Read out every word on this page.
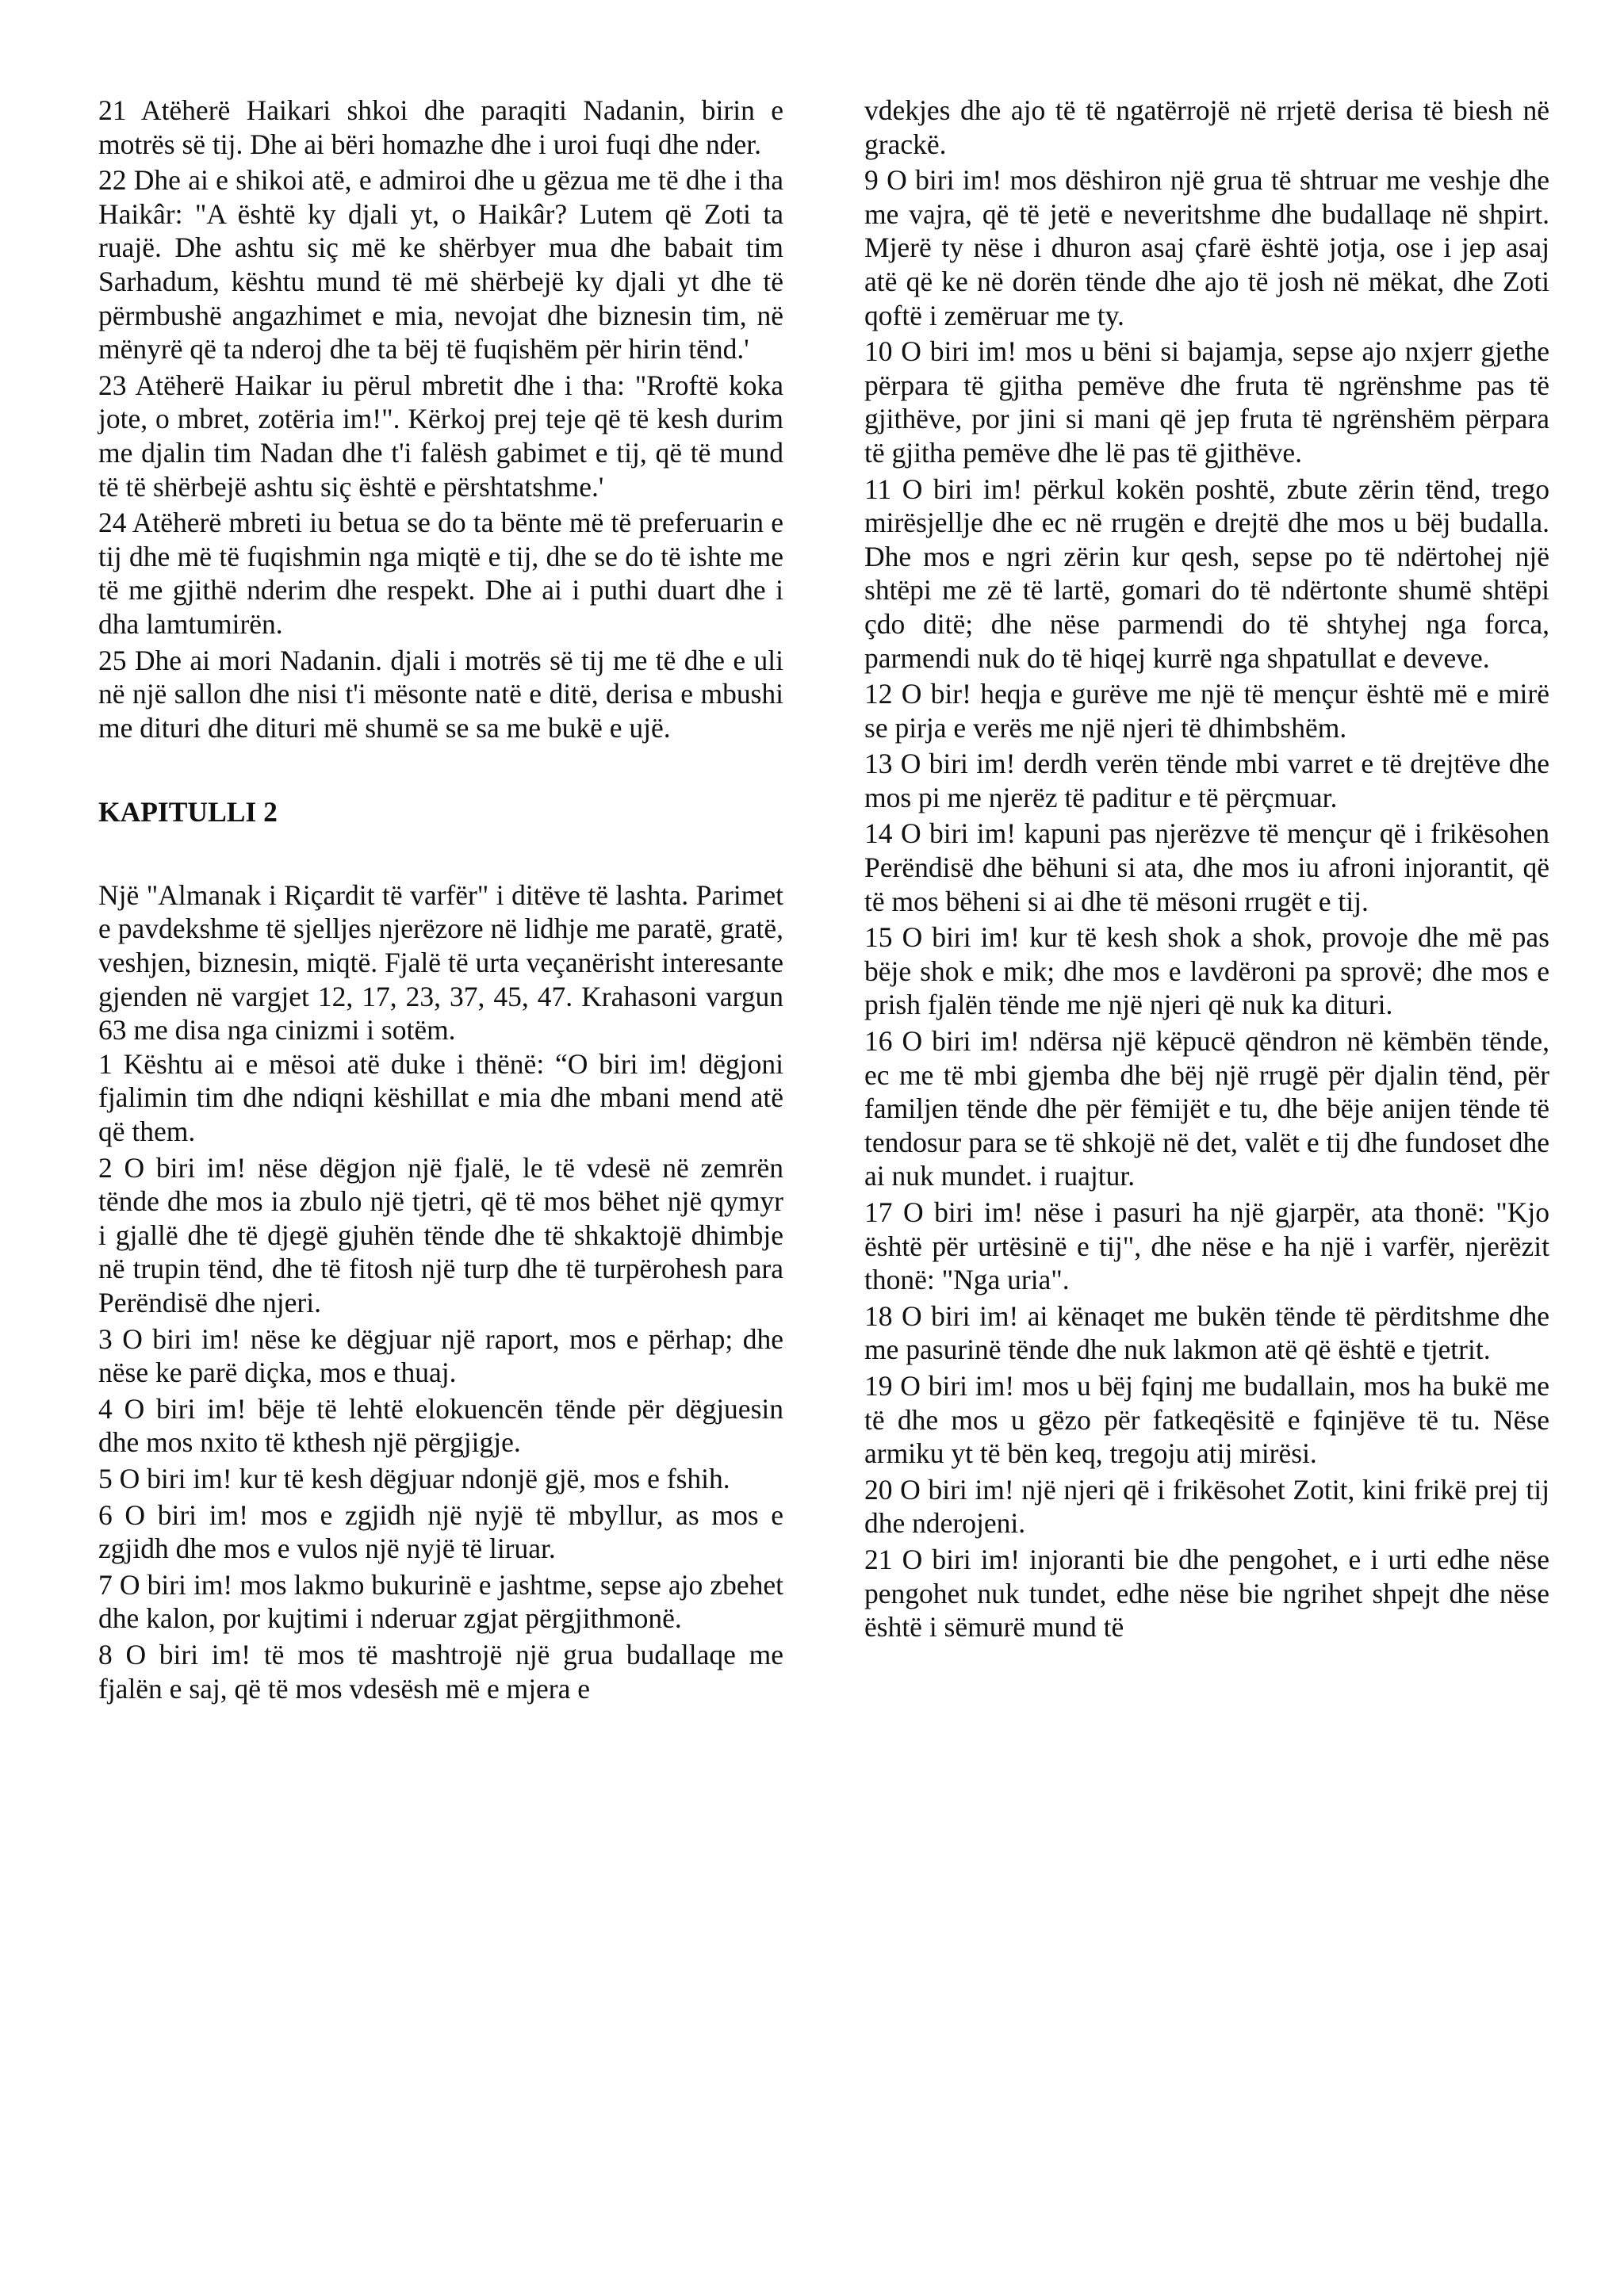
21 Atëherë Haikari shkoi dhe paraqiti Nadanin, birin e motrës së tij. Dhe ai bëri homazhe dhe i uroi fuqi dhe nder.

22 Dhe ai e shikoi atë, e admiroi dhe u gëzua me të dhe i tha Haikâr: "A është ky djali yt, o Haikâr? Lutem që Zoti ta ruajë. Dhe ashtu siç më ke shërbyer mua dhe babait tim Sarhadum, kështu mund të më shërbejë ky djali yt dhe të përmbushë angazhimet e mia, nevojat dhe biznesin tim, në mënyrë që ta nderoj dhe ta bëj të fuqishëm për hirin tënd.'

23 Atëherë Haikar iu përul mbretit dhe i tha: "Rroftë koka jote, o mbret, zotëria im!". Kërkoj prej teje që të kesh durim me djalin tim Nadan dhe t'i falësh gabimet e tij, që të mund të të shërbejë ashtu siç është e përshtatshme.'

24 Atëherë mbreti iu betua se do ta bënte më të preferuarin e tij dhe më të fuqishmin nga miqtë e tij, dhe se do të ishte me të me gjithë nderim dhe respekt. Dhe ai i puthi duart dhe i dha lamtumirën.

25 Dhe ai mori Nadanin. djali i motrës së tij me të dhe e uli në një sallon dhe nisi t'i mësonte natë e ditë, derisa e mbushi me dituri dhe dituri më shumë se sa me bukë e ujë.

KAPITULLI 2

Një "Almanak i Riçardit të varfër" i ditëve të lashta. Parimet e pavdekshme të sjelljes njerëzore në lidhje me paratë, gratë, veshjen, biznesin, miqtë. Fjalë të urta veçanërisht interesante gjenden në vargjet 12, 17, 23, 37, 45, 47. Krahasoni vargun 63 me disa nga cinizmi i sotëm.

1 Kështu ai e mësoi atë duke i thënë: “O biri im! dëgjoni fjalimin tim dhe ndiqni këshillat e mia dhe mbani mend atë që them.

2 O biri im! nëse dëgjon një fjalë, le të vdesë në zemrën tënde dhe mos ia zbulo një tjetri, që të mos bëhet një qymyr i gjallë dhe të djegë gjuhën tënde dhe të shkaktojë dhimbje në trupin tënd, dhe të fitosh një turp dhe të turpërohesh para Perëndisë dhe njeri.

3 O biri im! nëse ke dëgjuar një raport, mos e përhap; dhe nëse ke parë diçka, mos e thuaj.

4 O biri im! bëje të lehtë elokuencën tënde për dëgjuesin dhe mos nxito të kthesh një përgjigje.

5 O biri im! kur të kesh dëgjuar ndonjë gjë, mos e fshih.

6 O biri im! mos e zgjidh një nyjë të mbyllur, as mos e zgjidh dhe mos e vulos një nyjë të liruar.

7 O biri im! mos lakmo bukurinë e jashtme, sepse ajo zbehet dhe kalon, por kujtimi i nderuar zgjat përgjithmonë.

8 O biri im! të mos të mashtrojë një grua budallaqe me fjalën e saj, që të mos vdesësh më e mjera e

vdekjes dhe ajo të të ngatërrojë në rrjetë derisa të biesh në grackë.

9 O biri im! mos dëshiron një grua të shtruar me veshje dhe me vajra, që të jetë e neveritshme dhe budallaqe në shpirt. Mjerë ty nëse i dhuron asaj çfarë është jotja, ose i jep asaj atë që ke në dorën tënde dhe ajo të josh në mëkat, dhe Zoti qoftë i zemëruar me ty.

10 O biri im! mos u bëni si bajamja, sepse ajo nxjerr gjethe përpara të gjitha pemëve dhe fruta të ngrënshme pas të gjithëve, por jini si mani që jep fruta të ngrënshëm përpara të gjitha pemëve dhe lë pas të gjithëve.

11 O biri im! përkul kokën poshtë, zbute zërin tënd, trego mirësjellje dhe ec në rrugën e drejtë dhe mos u bëj budalla. Dhe mos e ngri zërin kur qesh, sepse po të ndërtohej një shtëpi me zë të lartë, gomari do të ndërtonte shumë shtëpi çdo ditë; dhe nëse parmendi do të shtyhej nga forca, parmendi nuk do të hiqej kurrë nga shpatullat e deveve.

12 O bir! heqja e gurëve me një të mençur është më e mirë se pirja e verës me një njeri të dhimbshëm.

13 O biri im! derdh verën tënde mbi varret e të drejtëve dhe mos pi me njerëz të paditur e të përçmuar.

14 O biri im! kapuni pas njerëzve të mençur që i frikësohen Perëndisë dhe bëhuni si ata, dhe mos iu afroni injorantit, që të mos bëheni si ai dhe të mësoni rrugët e tij.

15 O biri im! kur të kesh shok a shok, provoje dhe më pas bëje shok e mik; dhe mos e lavdëroni pa sprovë; dhe mos e prish fjalën tënde me një njeri që nuk ka dituri.

16 O biri im! ndërsa një këpucë qëndron në këmbën tënde, ec me të mbi gjemba dhe bëj një rrugë për djalin tënd, për familjen tënde dhe për fëmijët e tu, dhe bëje anijen tënde të tendosur para se të shkojë në det, valët e tij dhe fundoset dhe ai nuk mundet. i ruajtur.

17 O biri im! nëse i pasuri ha një gjarpër, ata thonë: "Kjo është për urtësinë e tij", dhe nëse e ha një i varfër, njerëzit thonë: "Nga uria".

18 O biri im! ai kënaqet me bukën tënde të përditshme dhe me pasurinë tënde dhe nuk lakmon atë që është e tjetrit.

19 O biri im! mos u bëj fqinj me budallain, mos ha bukë me të dhe mos u gëzo për fatkeqësitë e fqinjëve të tu. Nëse armiku yt të bën keq, tregoju atij mirësi.

20 O biri im! një njeri që i frikësohet Zotit, kini frikë prej tij dhe nderojeni.

21 O biri im! injoranti bie dhe pengohet, e i urti edhe nëse pengohet nuk tundet, edhe nëse bie ngrihet shpejt dhe nëse është i sëmurë mund të
